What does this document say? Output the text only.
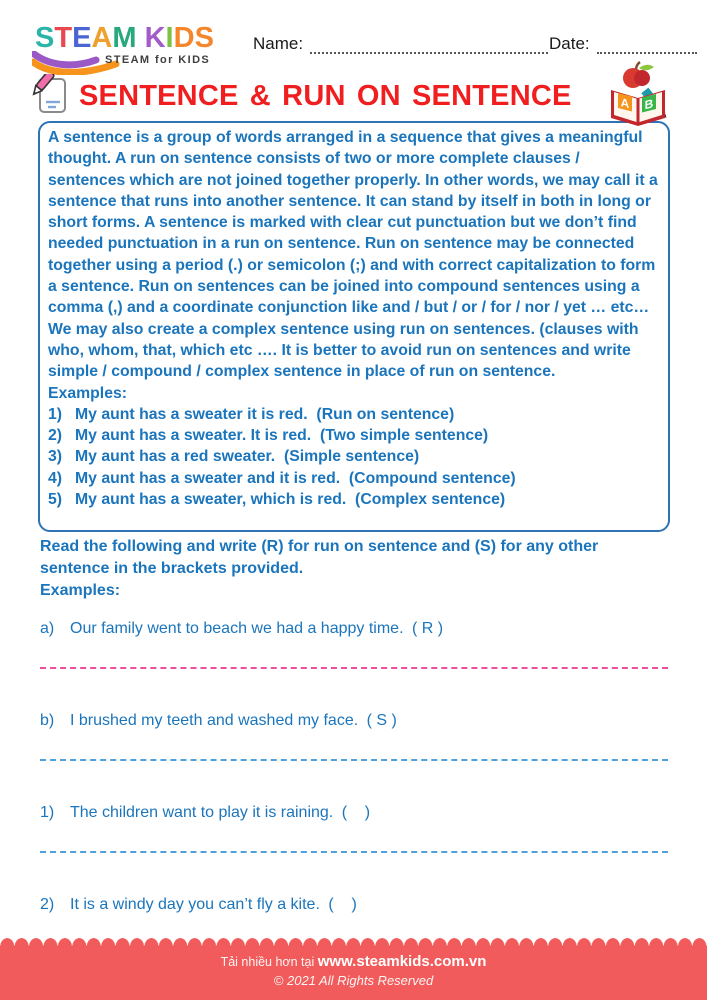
STEAM KIDS
STEAM for KIDS
Name:	Date:
SENTENCE & RUN ON SENTENCE	A B

A sentence is a group of words arranged in a sequence that gives a meaningful thought. A run on sentence consists of two or more complete clauses / sentences which are not joined together properly. In other words, we may call it a sentence that runs into another sentence. It can stand by itself in both in long or short forms. A sentence is marked with clear cut punctuation but we don’t find needed punctuation in a run on sentence. Run on sentence may be connected together using a period (.) or semicolon (;) and with correct capitalization to form a sentence. Run on sentences can be joined into compound sentences using a comma (,) and a coordinate conjunction like and / but / or / for / nor / yet … etc… We may also create a complex sentence using run on sentences. (clauses with who, whom, that, which etc …. It is better to avoid run on sentences and write simple / compound / complex sentence in place of run on sentence.

Examples:
1) My aunt has a sweater it is red.  (Run on sentence)
2) My aunt has a sweater. It is red.  (Two simple sentence)
3) My aunt has a red sweater.  (Simple sentence)
4) My aunt has a sweater and it is red.  (Compound sentence)
5) My aunt has a sweater, which is red.  (Complex sentence)
Read the following and write (R) for run on sentence and (S) for any other sentence in the brackets provided.
Examples:
a) Our family went to beach we had a happy time. ( R )
b) I brushed my teeth and washed my face. ( S )
1) The children want to play it is raining. (    )
2) It is a windy day you can’t fly a kite. (    )
Tải nhiều hơn tại www.steamkids.com.vn
© 2021 All Rights Reserved
